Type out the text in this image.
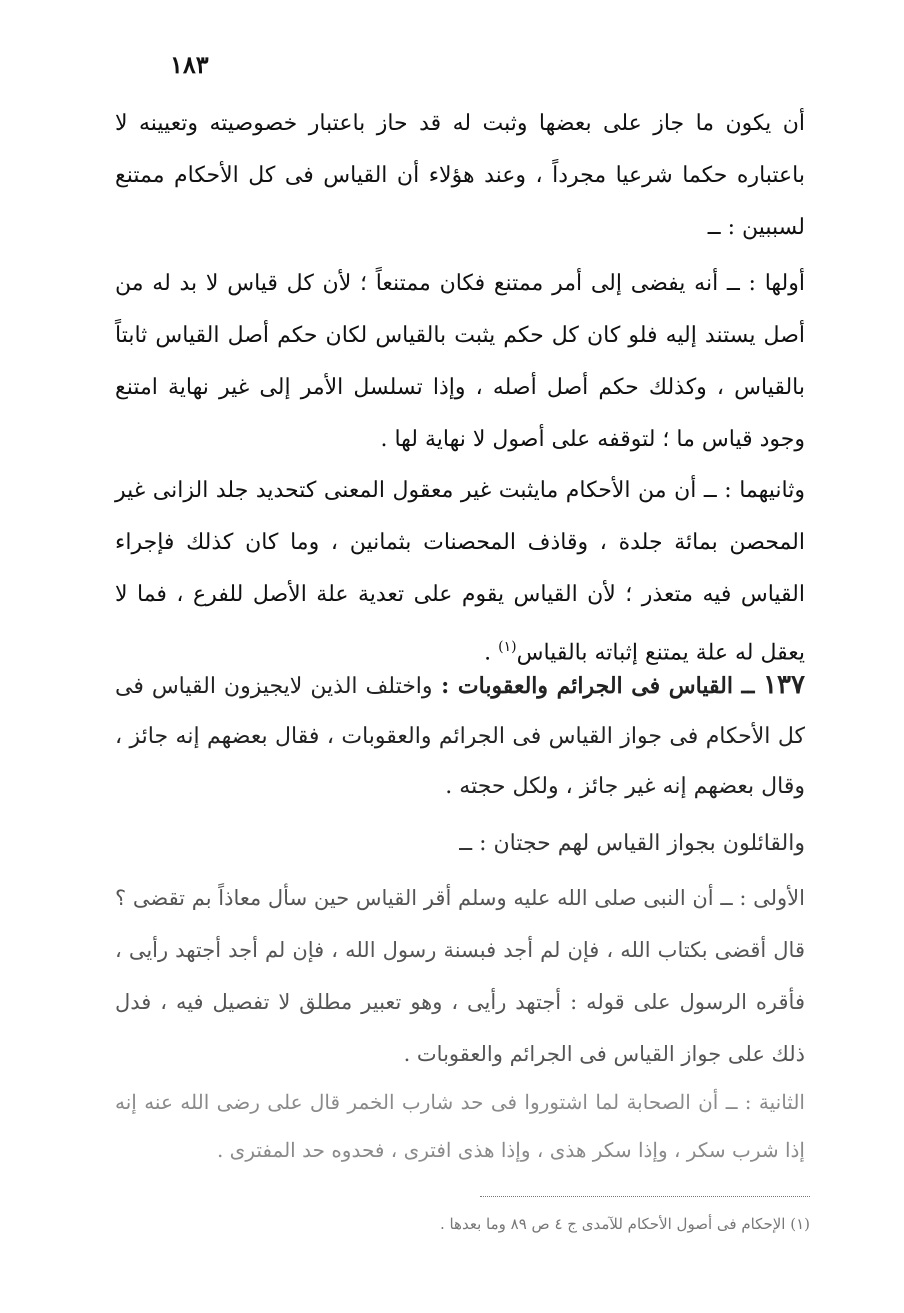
١٨٣

أن يكون ما جاز على بعضها وثبت له قد حاز باعتبار خصوصيته وتعيينه لا باعتباره حكما شرعيا مجرداً ، وعند هؤلاء أن القياس فى كل الأحكام ممتنع لسببين : ــ

أولها : ــ أنه يفضى إلى أمر ممتنع فكان ممتنعاً ؛ لأن كل قياس لا بد له من أصل يستند إليه فلو كان كل حكم يثبت بالقياس لكان حكم أصل القياس ثابتاً بالقياس ، وكذلك حكم أصل أصله ، وإذا تسلسل الأمر إلى غير نهاية امتنع وجود قياس ما ؛ لتوقفه على أصول لا نهاية لها .

وثانيهما : ــ أن من الأحكام مايثبت غير معقول المعنى كتحديد جلد الزانى غير المحصن بمائة جلدة ، وقاذف المحصنات بثمانين ، وما كان كذلك فإجراء القياس فيه متعذر ؛ لأن القياس يقوم على تعدية علة الأصل للفرع ، فما لا يعقل له علة يمتنع إثباته بالقياس$^{(١)}$ .

١٣٧ ــ القياس فى الجرائم والعقوبات : واختلف الذين لايجيزون القياس فى كل الأحكام فى جواز القياس فى الجرائم والعقوبات ، فقال بعضهم إنه جائز ، وقال بعضهم إنه غير جائز ، ولكل حجته .

والقائلون بجواز القياس لهم حجتان : ــ

الأولى : ــ أن النبى صلى الله عليه وسلم أقر القياس حين سأل معاذاً بم تقضى ؟ قال أقضى بكتاب الله ، فإن لم أجد فبسنة رسول الله ، فإن لم أجد أجتهد رأيى ، فأقره الرسول على قوله : أجتهد رأيى ، وهو تعبير مطلق لا تفصيل فيه ، فدل ذلك على جواز القياس فى الجرائم والعقوبات .

الثانية : ــ أن الصحابة لما اشتوروا فى حد شارب الخمر قال على رضى الله عنه إنه إذا شرب سكر ، وإذا سكر هذى ، وإذا هذى افترى ، فحدوه حد المفترى .

(١) الإحكام فى أصول الأحكام للآمدى ج ٤ ص ٨٩ وما بعدها .
